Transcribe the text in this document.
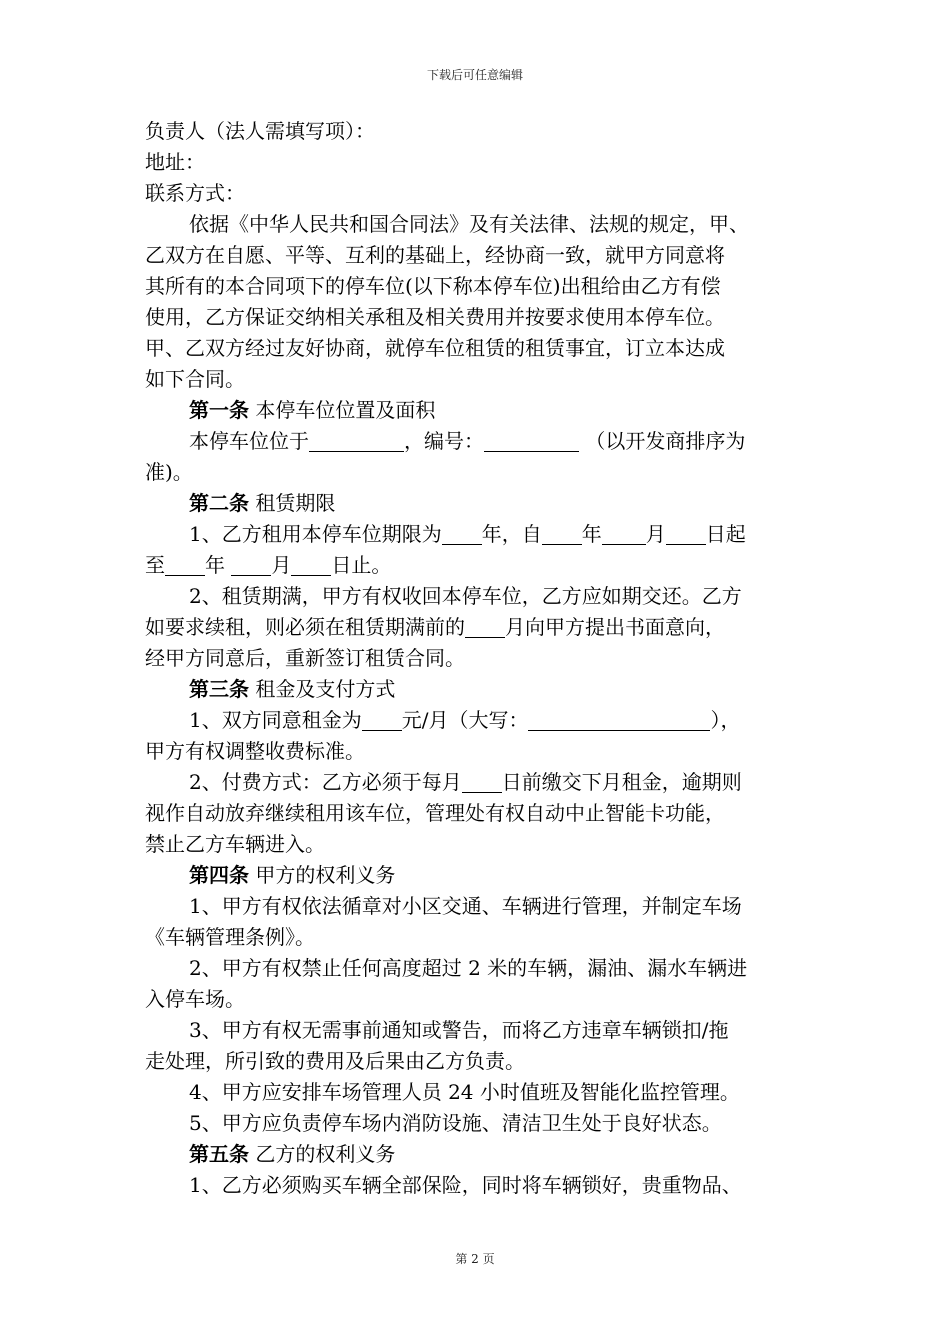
下载后可任意编辑
负责人（法人需填写项）：
地址：
联系方式：
依据《中华人民共和国合同法》及有关法律、法规的规定，甲、
乙双方在自愿、平等、互利的基础上，经协商一致，就甲方同意将
其所有的本合同项下的停车位(以下称本停车位)出租给由乙方有偿
使用，乙方保证交纳相关承租及相关费用并按要求使用本停车位。
甲、乙双方经过友好协商，就停车位租赁的租赁事宜，订立本达成
如下合同。
第一条 本停车位位置及面积
本停车位位于	，编号：	（以开发商排序为
准)。
第二条 租赁期限
1、乙方租用本停车位期限为 年，自 年 月 日起
至 年 月 日止。
2、租赁期满，甲方有权收回本停车位，乙方应如期交还。乙方
如要求续租，则必须在租赁期满前的 月向甲方提出书面意向，
经甲方同意后，重新签订租赁合同。
第三条 租金及支付方式
1、双方同意租金为 元/月（大写：	），
甲方有权调整收费标准。
2、付费方式：乙方必须于每月 日前缴交下月租金，逾期则
视作自动放弃继续租用该车位，管理处有权自动中止智能卡功能，
禁止乙方车辆进入。
第四条 甲方的权利义务
1、甲方有权依法循章对小区交通、车辆进行管理，并制定车场
《车辆管理条例》。
2、甲方有权禁止任何高度超过 2 米的车辆，漏油、漏水车辆进
入停车场。
3、甲方有权无需事前通知或警告，而将乙方违章车辆锁扣/拖
走处理，所引致的费用及后果由乙方负责。
4、甲方应安排车场管理人员 24 小时值班及智能化监控管理。
5、甲方应负责停车场内消防设施、清洁卫生处于良好状态。
第五条 乙方的权利义务
1、乙方必须购买车辆全部保险，同时将车辆锁好，贵重物品、
第 2 页
